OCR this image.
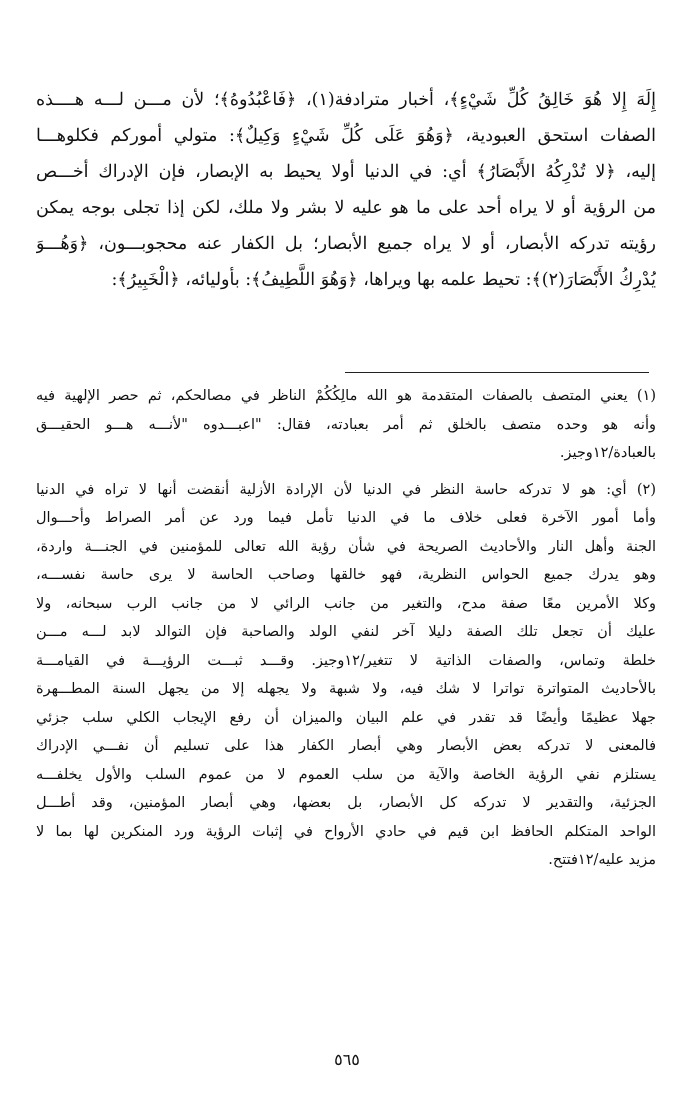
إِلَهَ إِلا هُوَ خَالِقُ كُلِّ شَيْءٍ﴾، أخبار مترادفة(١)، ﴿فَاعْبُدُوهُ﴾؛ لأن مـــن لـــه هــــذه
الصفات استحق العبودية، ﴿وَهُوَ عَلَى كُلِّ شَيْءٍ وَكِيلٌ﴾: متولي أموركم فكلوهـــا
إليه، ﴿لا تُدْرِكُهُ الأَبْصَارُ﴾ أي: في الدنيا أولا يحيط به الإبصار، فإن الإدراك أخـــص
من الرؤية أو لا يراه أحد على ما هو عليه لا بشر ولا ملك، لكن إذا تجلى بوجه يمكن
رؤيته تدركه الأبصار، أو لا يراه جميع الأبصار؛ بل الكفار عنه محجوبـــون، ﴿وَهُـــوَ
يُدْرِكُ الأَبْصَارَ(٢)﴾: تحيط علمه بها ويراها، ﴿وَهُوَ اللَّطِيفُ﴾: بأوليائه، ﴿الْخَبِيرُ﴾:
(١) يعني المتصف بالصفات المتقدمة هو الله مالِكُكُمْ الناظر في مصالحكم، ثم حصر الإلهية فيه
وأنه هو وحده متصف بالخلق ثم أمر بعبادته، فقال: "اعبـــدوه "لأنـــه هـــو الحقيـــق
بالعبادة/١٢وجيز.
(٢) أي: هو لا تدركه حاسة النظر في الدنيا لأن الإرادة الأزلية أنقضت أنها لا تراه في الدنيا
وأما أمور الآخرة فعلى خلاف ما في الدنيا تأمل فيما ورد عن أمر الصراط وأحـــوال
الجنة وأهل النار والأحاديث الصريحة في شأن رؤية الله تعالى للمؤمنين في الجنـــة واردة،
وهو يدرك جميع الحواس النظرية، فهو خالقها وصاحب الحاسة لا يرى حاسة نفســـه،
وكلا الأمرين معًا صفة مدح، والتغير من جانب الرائي لا من جانب الرب سبحانه، ولا
عليك أن تجعل تلك الصفة دليلا آخر لنفي الولد والصاحبة فإن التوالد لابد لـــه مـــن
خلطة وتماس، والصفات الذاتية لا تتغير/١٢وجيز. وقـــد ثبـــت الرؤيـــة في القيامـــة
بالأحاديث المتواترة تواترا لا شك فيه، ولا شبهة ولا يجهله إلا من يجهل السنة المطـــهرة
جهلا عظيمًا وأيضًا قد تقدر في علم البيان والميزان أن رفع الإيجاب الكلي سلب جزئي
فالمعنى لا تدركه بعض الأبصار وهي أبصار الكفار هذا على تسليم أن نفـــي الإدراك
يستلزم نفي الرؤية الخاصة والآية من سلب العموم لا من عموم السلب والأول يخلفـــه
الجزئية، والتقدير لا تدركه كل الأبصار، بل بعضها، وهي أبصار المؤمنين، وقد أطـــل
الواحد المتكلم الحافظ ابن قيم في حادي الأرواح في إثبات الرؤية ورد المنكرين لها بما لا
مزيد عليه/١٢فتتح.
٥٦٥
